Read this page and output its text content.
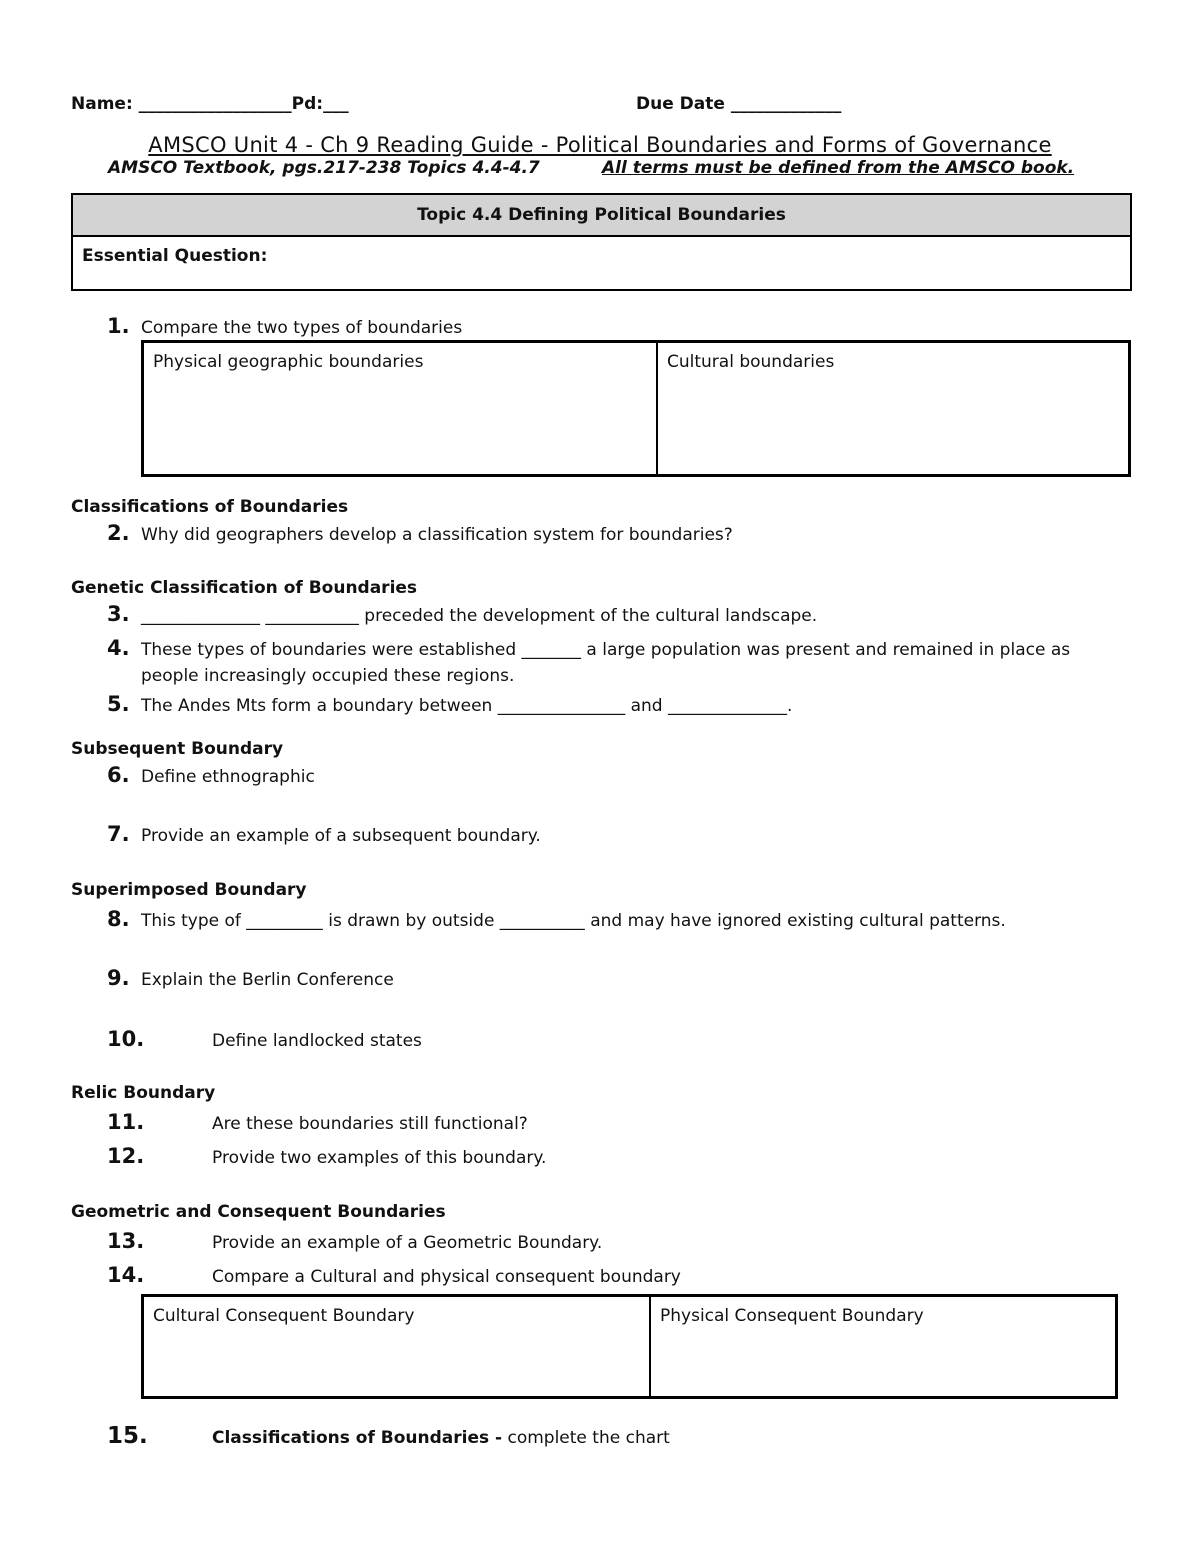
Name: __________________Pd:___	Due Date _____________
AMSCO Unit 4 - Ch 9 Reading Guide - Political Boundaries and Forms of Governance
AMSCO Textbook, pgs.217-238 Topics 4.4-4.7	All terms must be defined from the AMSCO book.
Topic 4.4 Defining Political Boundaries
Essential Question:
1. Compare the two types of boundaries
Physical geographic boundaries	Cultural boundaries
Classifications of Boundaries
2. Why did geographers develop a classification system for boundaries?
Genetic Classification of Boundaries
3. ______________ ___________ preceded the development of the cultural landscape.
4. These types of boundaries were established _______ a large population was present and remained in place as
people increasingly occupied these regions.
5. The Andes Mts form a boundary between _______________ and ______________.
Subsequent Boundary
6. Define ethnographic
7. Provide an example of a subsequent boundary.
Superimposed Boundary
8. This type of _________ is drawn by outside __________ and may have ignored existing cultural patterns.
9. Explain the Berlin Conference
10.	Define landlocked states
Relic Boundary
11.	Are these boundaries still functional?
12.	Provide two examples of this boundary.
Geometric and Consequent Boundaries
13.	Provide an example of a Geometric Boundary.
14.	Compare a Cultural and physical consequent boundary
Cultural Consequent Boundary	Physical Consequent Boundary
15.	Classifications of Boundaries - complete the chart
